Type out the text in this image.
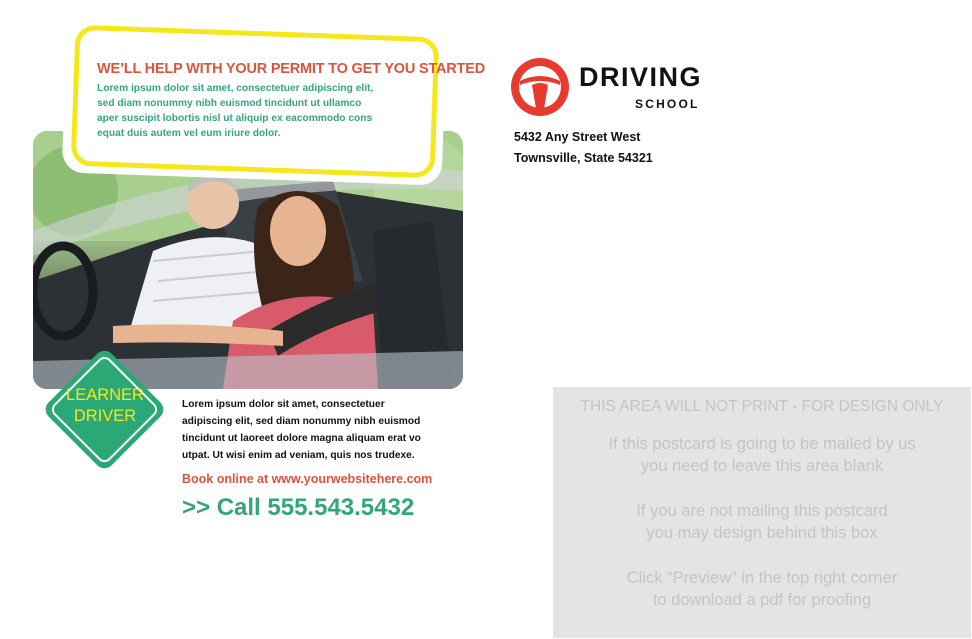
WE’LL HELP WITH YOUR PERMIT TO GET YOU STARTED
Lorem ipsum dolor sit amet, consectetuer adipiscing elit,
sed diam nonummy nibh euismod tincidunt ut ullamco
aper suscipit lobortis nisl ut aliquip ex eacommodo cons
equat duis autem vel eum iriure dolor.
DRIVING
SCHOOL
5432 Any Street West
Townsville, State 54321
LEARNER
DRIVER
Lorem ipsum dolor sit amet, consectetuer
adipiscing elit, sed diam nonummy nibh euismod
tincidunt ut laoreet dolore magna aliquam erat vo
utpat. Ut wisi enim ad veniam, quis nos trudexe.
Book online at www.yourwebsitehere.com
>> Call 555.543.5432
THIS AREA WILL NOT PRINT - FOR DESIGN ONLY
If this postcard is going to be mailed by us
you need to leave this area blank
If you are not mailing this postcard
you may design behind this box
Click “Preview” in the top right corner
to download a pdf for proofing
